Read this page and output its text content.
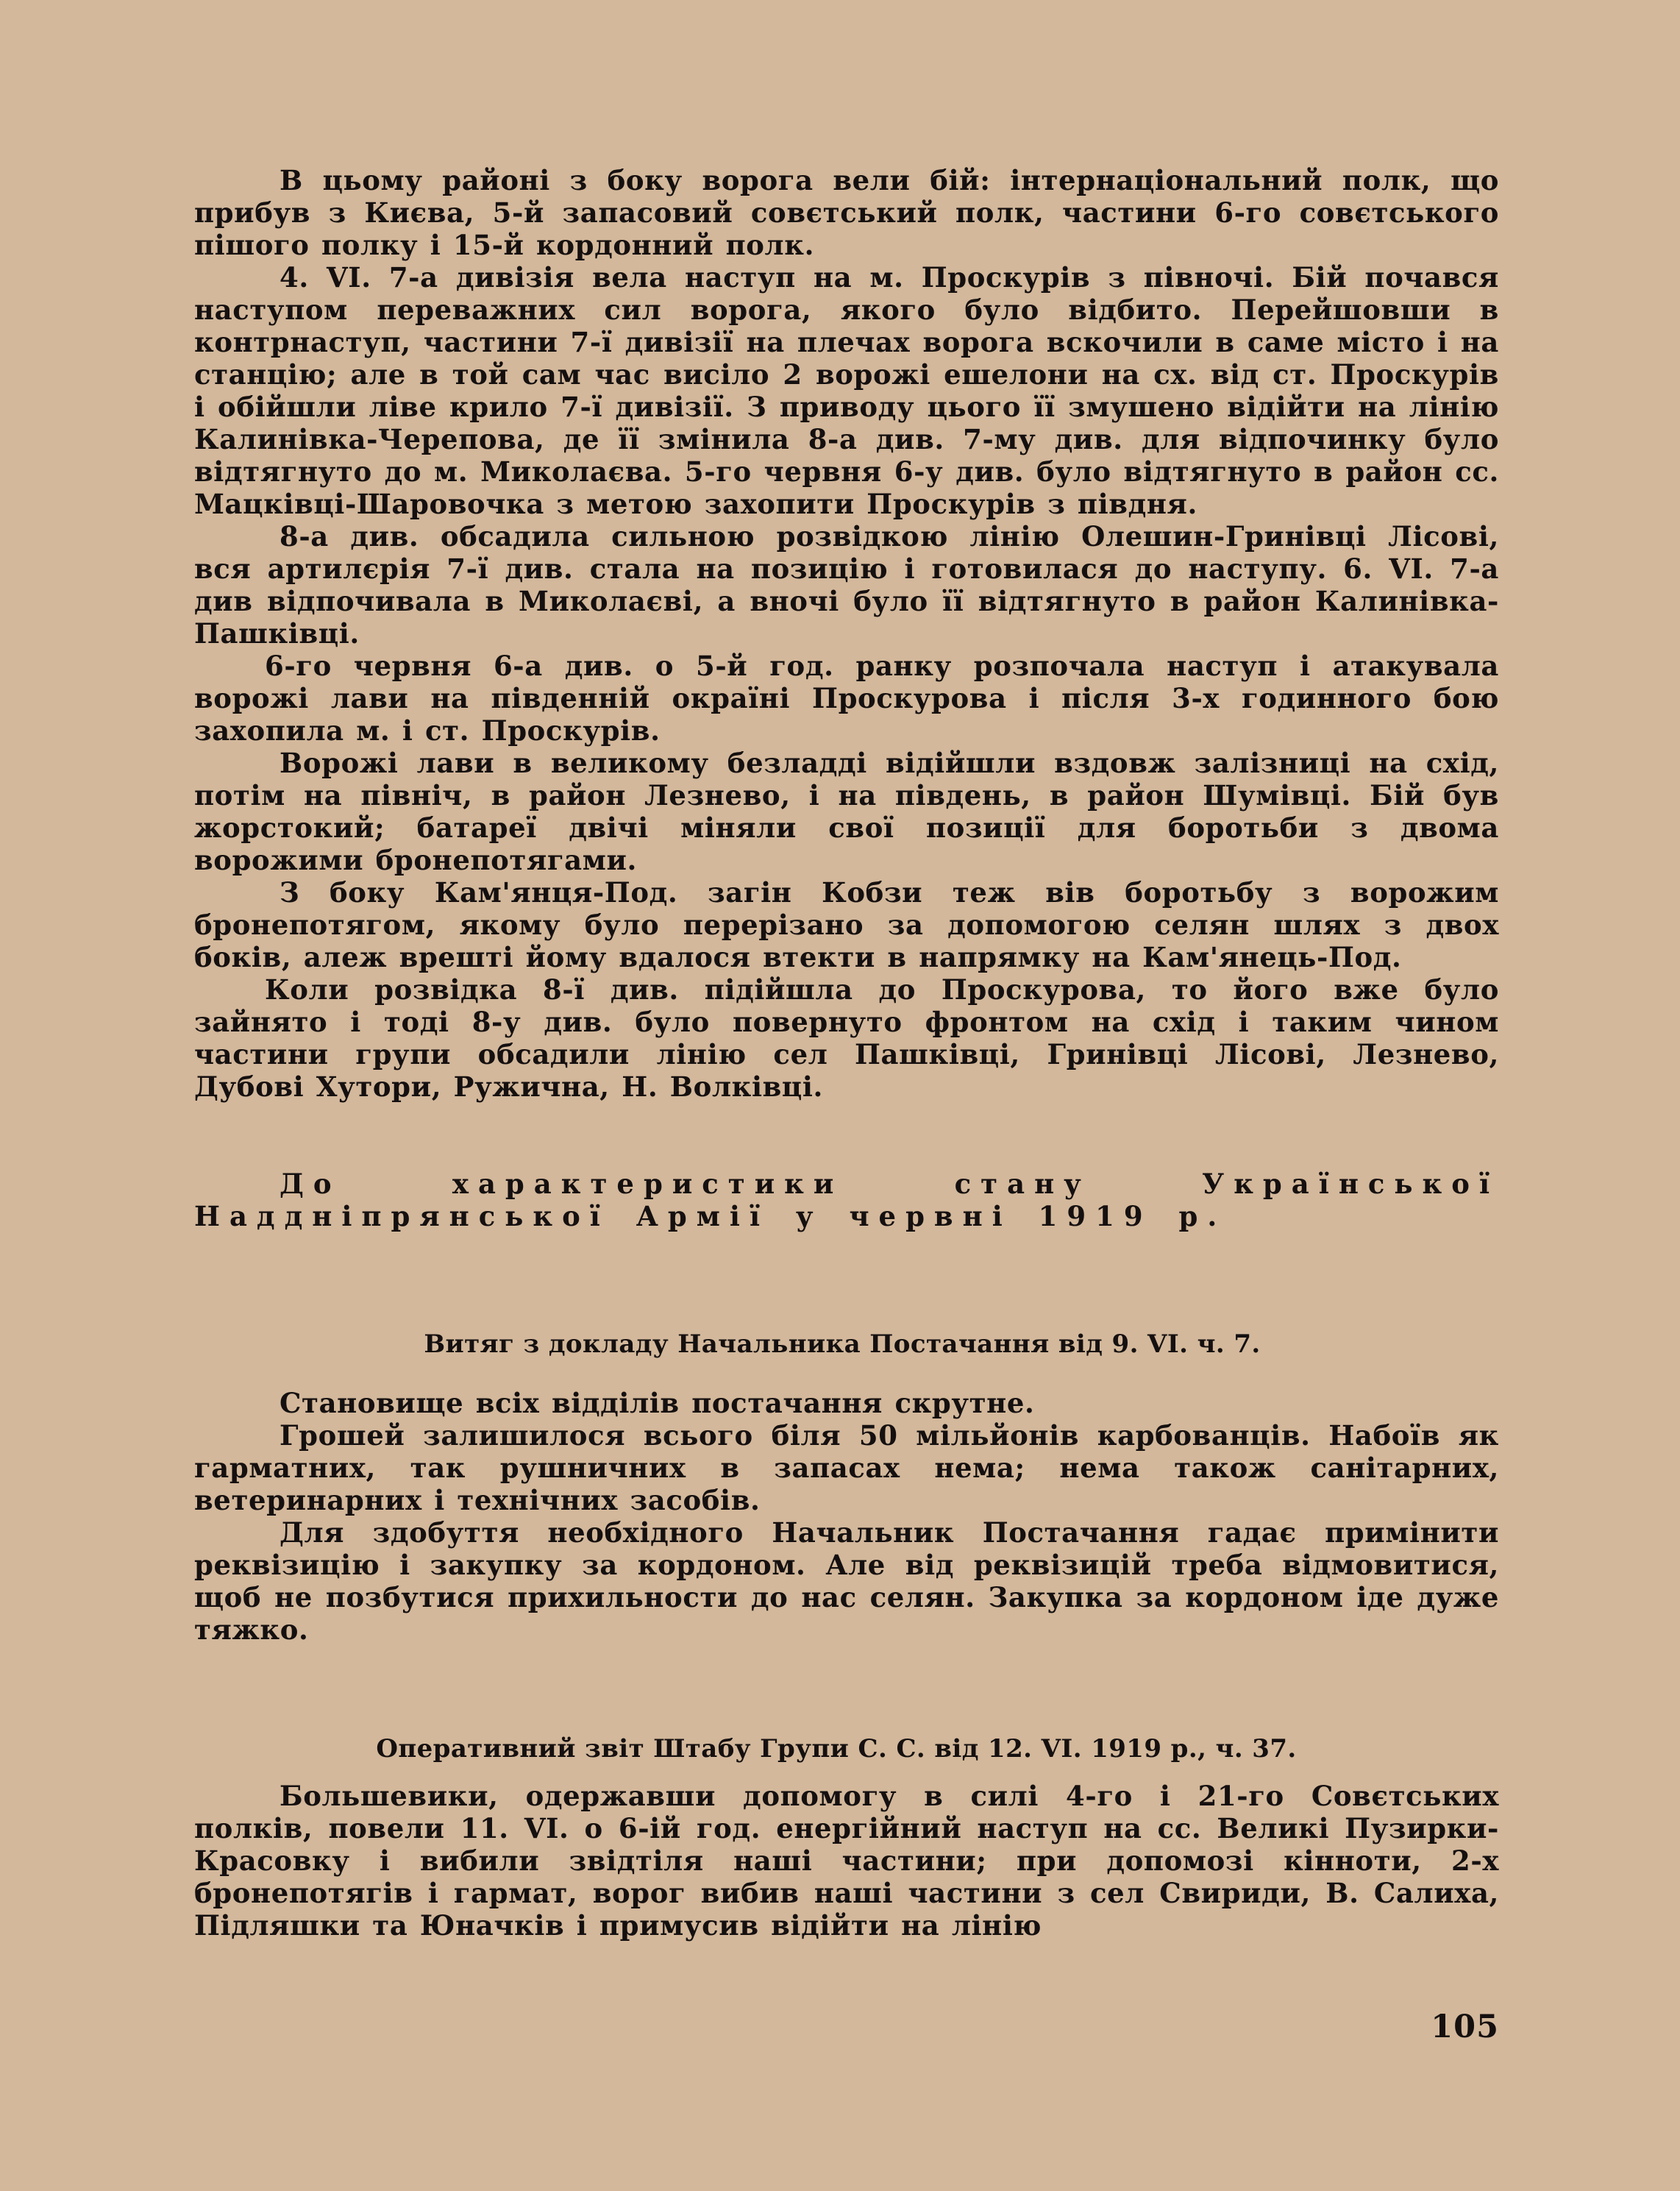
В цьому районі з боку ворога вели бій: інтернаціональний полк, що прибув з Києва, 5-й запасовий совєтський полк, частини 6-го совєтського пішого полку і 15-й кордонний полк.

4. VI. 7-а дивізія вела наступ на м. Проскурів з півночі. Бій почався наступом переважних сил ворога, якого було відбито. Перейшовши в контрнаступ, частини 7-ї дивізії на плечах ворога вскочили в саме місто і на станцію; але в той сам час висіло 2 ворожі ешелони на сх. від ст. Проскурів і обійшли ліве крило 7-ї дивізії. З приводу цього її змушено відійти на лінію Калинівка-Черепова, де її змінила 8-а див. 7-му див. для відпочинку було відтягнуто до м. Миколаєва. 5-го червня 6-у див. було відтягнуто в район сс. Мацківці-Шаровочка з метою захопити Проскурів з півдня.

8-а див. обсадила сильною розвідкою лінію Олешин-Гринівці Лісові, вся артилєрія 7-ї див. стала на позицію і готовилася до наступу. 6. VI. 7-а див відпочивала в Миколаєві, а вночі було її відтягнуто в район Калинівка-Пашківці.

6-го червня 6-а див. о 5-й год. ранку розпочала наступ і атакувала ворожі лави на південній окраїні Проскурова і після 3-х годинного бою захопила м. і ст. Проскурів.

Ворожі лави в великому безладді відійшли вздовж залізниці на схід, потім на північ, в район Лезнево, і на південь, в район Шумівці. Бій був жорстокий; батареї двічі міняли свої позиції для боротьби з двома ворожими бронепотягами.

З боку Кам'янця-Под. загін Кобзи теж вів боротьбу з ворожим бронепотягом, якому було перерізано за допомогою селян шлях з двох боків, алеж врешті йому вдалося втекти в напрямку на Кам'янець-Под.

Коли розвідка 8-ї див. підійшла до Проскурова, то його вже було зайнято і тоді 8-у див. було повернуто фронтом на схід і таким чином частини групи обсадили лінію сел Пашківці, Гринівці Лісові, Лезнево, Дубові Хутори, Ружична, Н. Волківці.

До характеристики стану Української Наддніпрянської Армії у червні 1919 р.

Витяг з докладу Начальника Постачання від 9. VI. ч. 7.

Становище всіх відділів постачання скрутне.

Грошей залишилося всього біля 50 мільйонів карбованців. Набоїв як гарматних, так рушничних в запасах нема; нема також санітарних, ветеринарних і технічних засобів.

Для здобуття необхідного Начальник Постачання гадає примінити реквізицію і закупку за кордоном. Але від реквізицій треба відмовитися, щоб не позбутися прихильности до нас селян. Закупка за кордоном іде дуже тяжко.

Оперативний звіт Штабу Групи С. С. від 12. VI. 1919 р., ч. 37.

Большевики, одержавши допомогу в силі 4-го і 21-го Совєтських полків, повели 11. VI. о 6-ій год. енергійний наступ на сс. Великі Пузирки-Красовку і вибили звідтіля наші частини; при допомозі кінноти, 2-х бронепотягів і гармат, ворог вибив наші частини з сел Свириди, В. Салиха, Підляшки та Юначків і примусив відійти на лінію

105
